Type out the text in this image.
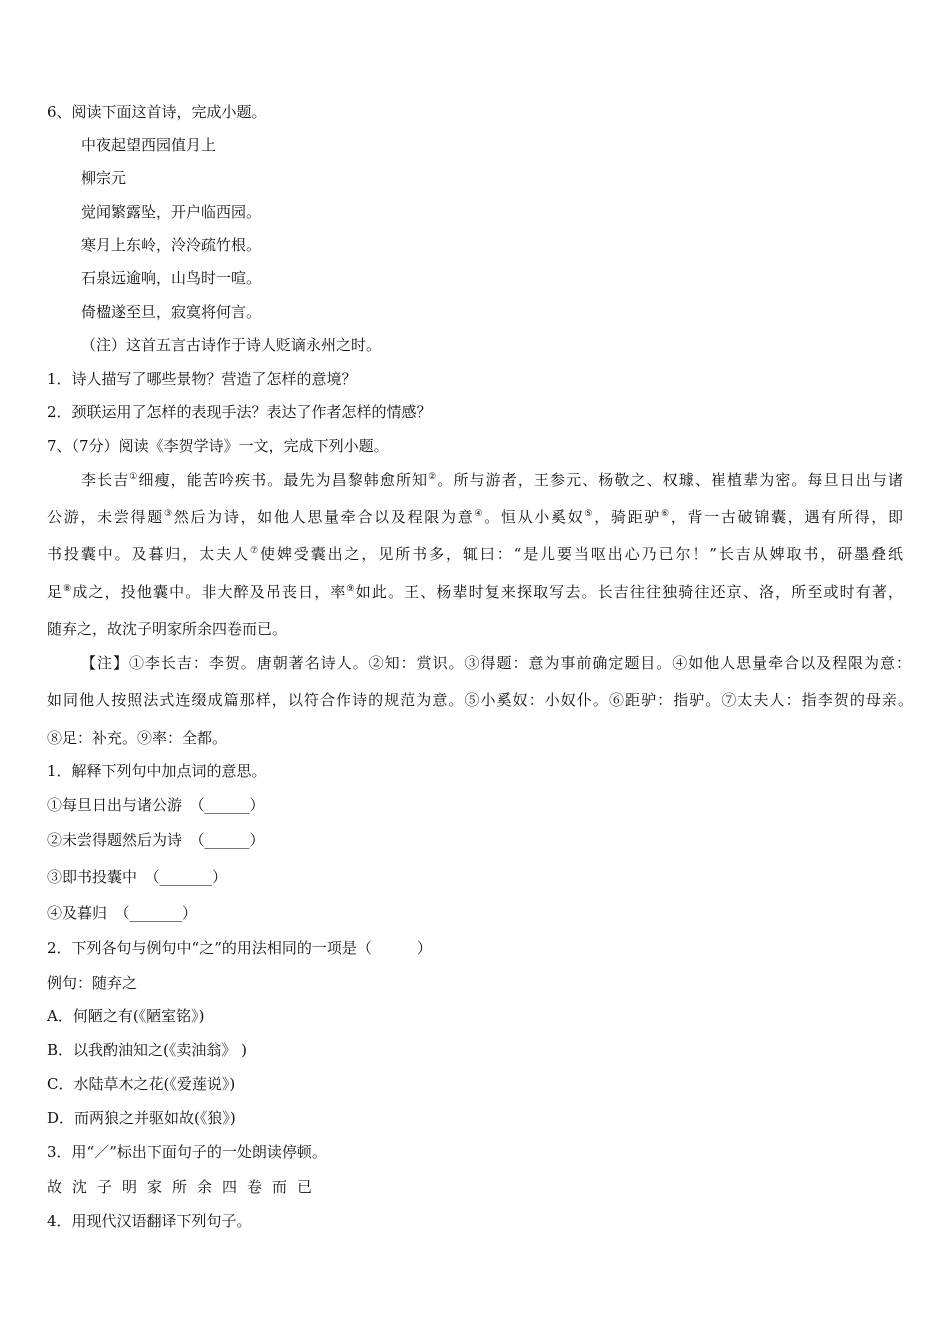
6、阅读下面这首诗，完成小题。
中夜起望西园值月上
柳宗元
觉闻繁露坠，开户临西园。
寒月上东岭，泠泠疏竹根。
石泉远逾响，山鸟时一喧。
倚楹遂至旦，寂寞将何言。
（注）这首五言古诗作于诗人贬谪永州之时。
1．诗人描写了哪些景物？营造了怎样的意境？
2．颈联运用了怎样的表现手法？表达了作者怎样的情感？
7、（7分）阅读《李贺学诗》一文，完成下列小题。
李长吉①细瘦，能苦吟疾书。最先为昌黎韩愈所知②。所与游者，王参元、杨敬之、权璩、崔植辈为密。每旦日出与诸
公游，未尝得题③然后为诗，如他人思量牵合以及程限为意④。恒从小奚奴⑤，骑距驴⑥，背一古破锦囊，遇有所得，即
书投囊中。及暮归，太夫人⑦使婢受囊出之，见所书多，辄曰：“是儿要当呕出心乃已尔！”长吉从婢取书，研墨叠纸
足⑧成之，投他囊中。非大醉及吊丧日，率⑨如此。王、杨辈时复来探取写去。长吉往往独骑往还京、洛，所至或时有著，
随弃之，故沈子明家所余四卷而已。
【注】①李长吉：李贺。唐朝著名诗人。②知：赏识。③得题：意为事前确定题目。④如他人思量牵合以及程限为意：
如同他人按照法式连缀成篇那样，以符合作诗的规范为意。⑤小奚奴：小奴仆。⑥距驴：指驴。⑦太夫人：指李贺的母亲。
⑧足：补充。⑨率：全都。
1．解释下列句中加点词的意思。
①每旦日出与诸公游　（______）
②未尝得题然后为诗　（______）
③即书投囊中　（_______）
④及暮归　（_______）
2．下列各句与例句中“之”的用法相同的一项是（　　　）
例句：随弃之
A．何陋之有(《陋室铭》)
B．以我酌油知之(《卖油翁》 )
C．水陆草木之花(《爱莲说》)
D．而两狼之并驱如故(《狼》)
3．用“／”标出下面句子的一处朗读停顿。
故沈子明家所余四卷而已
4．用现代汉语翻译下列句子。
